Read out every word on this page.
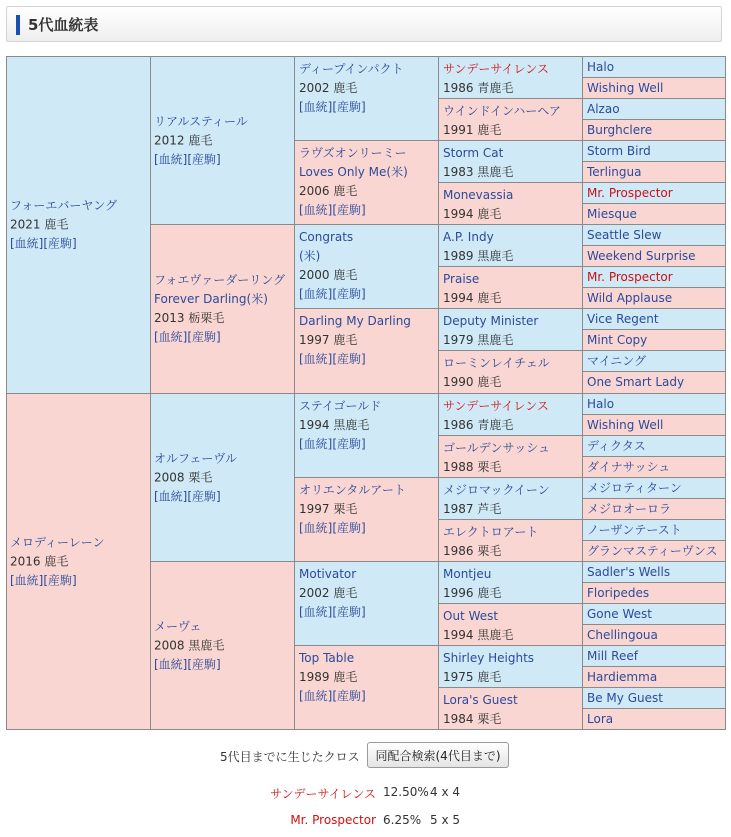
5代血統表
フォーエバーヤング
2021 鹿毛
[血統][産駒]
メロディーレーン
2016 鹿毛
[血統][産駒]
リアルスティール
2012 鹿毛
[血統][産駒]
フォエヴァーダーリング
Forever Darling(米)
2013 栃栗毛
[血統][産駒]
オルフェーヴル
2008 栗毛
[血統][産駒]
メーヴェ
2008 黒鹿毛
[血統][産駒]
ディープインパクト
2002 鹿毛
[血統][産駒]
ラヴズオンリーミー
Loves Only Me(米)
2006 鹿毛
[血統][産駒]
Congrats
(米)
2000 鹿毛
[血統][産駒]
Darling My Darling
1997 鹿毛
[血統][産駒]
ステイゴールド
1994 黒鹿毛
[血統][産駒]
オリエンタルアート
1997 栗毛
[血統][産駒]
Motivator
2002 鹿毛
[血統][産駒]
Top Table
1989 鹿毛
[血統][産駒]
サンデーサイレンス
1986 青鹿毛
ウインドインハーヘア
1991 鹿毛
Storm Cat
1983 黒鹿毛
Monevassia
1994 鹿毛
A.P. Indy
1989 黒鹿毛
Praise
1994 鹿毛
Deputy Minister
1979 黒鹿毛
ローミンレイチェル
1990 鹿毛
サンデーサイレンス
1986 青鹿毛
ゴールデンサッシュ
1988 栗毛
メジロマックイーン
1987 芦毛
エレクトロアート
1986 栗毛
Montjeu
1996 鹿毛
Out West
1994 黒鹿毛
Shirley Heights
1975 鹿毛
Lora's Guest
1984 栗毛
Halo
Wishing Well
Alzao
Burghclere
Storm Bird
Terlingua
Mr. Prospector
Miesque
Seattle Slew
Weekend Surprise
Mr. Prospector
Wild Applause
Vice Regent
Mint Copy
マイニング
One Smart Lady
Halo
Wishing Well
ディクタス
ダイナサッシュ
メジロティターン
メジロオーロラ
ノーザンテースト
グランマスティーヴンス
Sadler's Wells
Floripedes
Gone West
Chellingoua
Mill Reef
Hardiemma
Be My Guest
Lora
5代目までに生じたクロス	同配合検索(4代目まで)
サンデーサイレンス 12.50% 4 x 4
Mr. Prospector 6.25% 5 x 5
